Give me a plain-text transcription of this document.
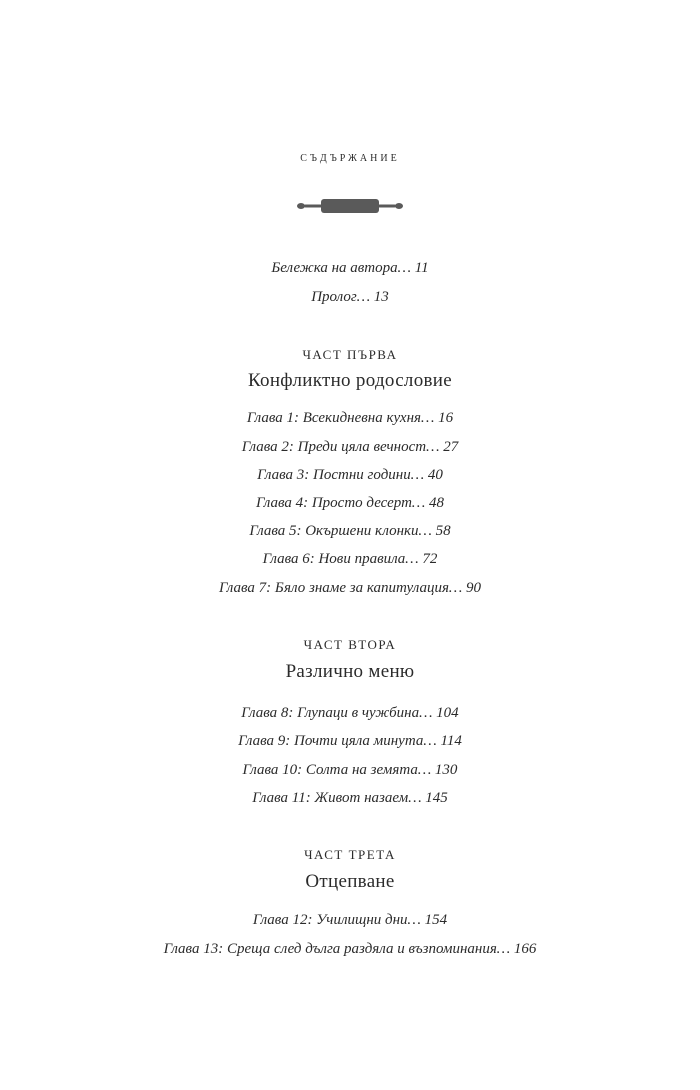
съдържание
Бележка на автора… 11
Пролог… 13
ЧАСТ ПЪРВА
Конфликтно родословие
Глава 1: Всекидневна кухня… 16
Глава 2: Преди цяла вечност… 27
Глава 3: Постни години… 40
Глава 4: Просто десерт… 48
Глава 5: Окършени клонки… 58
Глава 6: Нови правила… 72
Глава 7: Бяло знаме за капитулация… 90
ЧАСТ ВТОРА
Различно меню
Глава 8: Глупаци в чужбина… 104
Глава 9: Почти цяла минута… 114
Глава 10: Солта на земята… 130
Глава 11: Живот назаем… 145
ЧАСТ ТРЕТА
Отцепване
Глава 12: Училищни дни… 154
Глава 13: Среща след дълга раздяла и възпоминания… 166
